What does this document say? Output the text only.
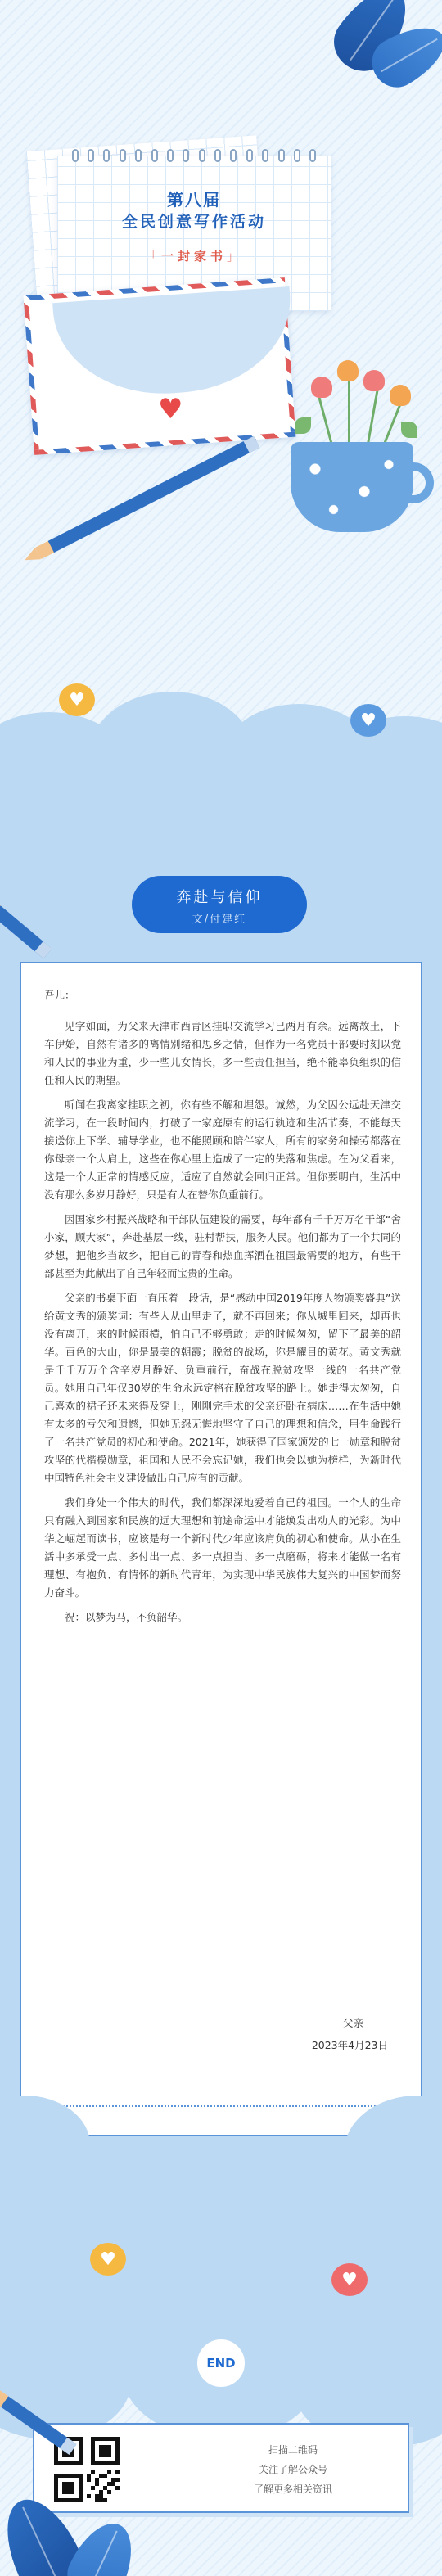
第八届
全民创意写作活动
「一封家书」
♥
♥
♥
奔赴与信仰
文/付建红

吾儿：

见字如面，为父来天津市西青区挂职交流学习已两月有余。远离故土，下车伊始，自然有诸多的离情别绪和思乡之情，但作为一名党员干部要时刻以党和人民的事业为重，少一些儿女情长，多一些责任担当，绝不能辜负组织的信任和人民的期望。

听闻在我离家挂职之初，你有些不解和埋怨。诚然，为父因公远赴天津交流学习，在一段时间内，打破了一家庭原有的运行轨迹和生活节奏，不能每天接送你上下学、辅导学业，也不能照顾和陪伴家人，所有的家务和操劳都落在你母亲一个人肩上，这些在你心里上造成了一定的失落和焦虑。在为父看来，这是一个人正常的情感反应，适应了自然就会回归正常。但你要明白，生活中没有那么多岁月静好，只是有人在替你负重前行。

因国家乡村振兴战略和干部队伍建设的需要，每年都有千千万万名干部“舍小家，顾大家”，奔赴基层一线，驻村帮扶，服务人民。他们都为了一个共同的梦想，把他乡当故乡，把自己的青春和热血挥洒在祖国最需要的地方，有些干部甚至为此献出了自己年轻而宝贵的生命。

父亲的书桌下面一直压着一段话，是“感动中国2019年度人物颁奖盛典”送给黄文秀的颁奖词：有些人从山里走了，就不再回来；你从城里回来，却再也没有离开，来的时候雨横，怕自己不够勇敢；走的时候匆匆，留下了最美的韶华。百色的大山，你是最美的朝霞；脱贫的战场，你是耀目的黄花。黄文秀就是千千万万个含辛岁月静好、负重前行，奋战在脱贫攻坚一线的一名共产党员。她用自己年仅30岁的生命永远定格在脱贫攻坚的路上。她走得太匆匆，自己喜欢的裙子还未来得及穿上，刚刚完手术的父亲还卧在病床……在生活中她有太多的亏欠和遗憾，但她无怨无悔地坚守了自己的理想和信念，用生命践行了一名共产党员的初心和使命。2021年，她获得了国家颁发的七一勋章和脱贫攻坚的代楷模勋章，祖国和人民不会忘记她，我们也会以她为榜样，为新时代中国特色社会主义建设做出自己应有的贡献。

我们身处一个伟大的时代，我们都深深地爱着自己的祖国。一个人的生命只有融入到国家和民族的远大理想和前途命运中才能焕发出动人的光彩。为中华之崛起而读书，应该是每一个新时代少年应该肩负的初心和使命。从小在生活中多承受一点、多付出一点、多一点担当、多一点磨砺，将来才能做一名有理想、有抱负、有情怀的新时代青年，为实现中华民族伟大复兴的中国梦而努力奋斗。

祝：以梦为马，不负韶华。

父亲
2023年4月23日
♥
♥
END
扫描二维码
关注了解公众号
了解更多相关资讯
